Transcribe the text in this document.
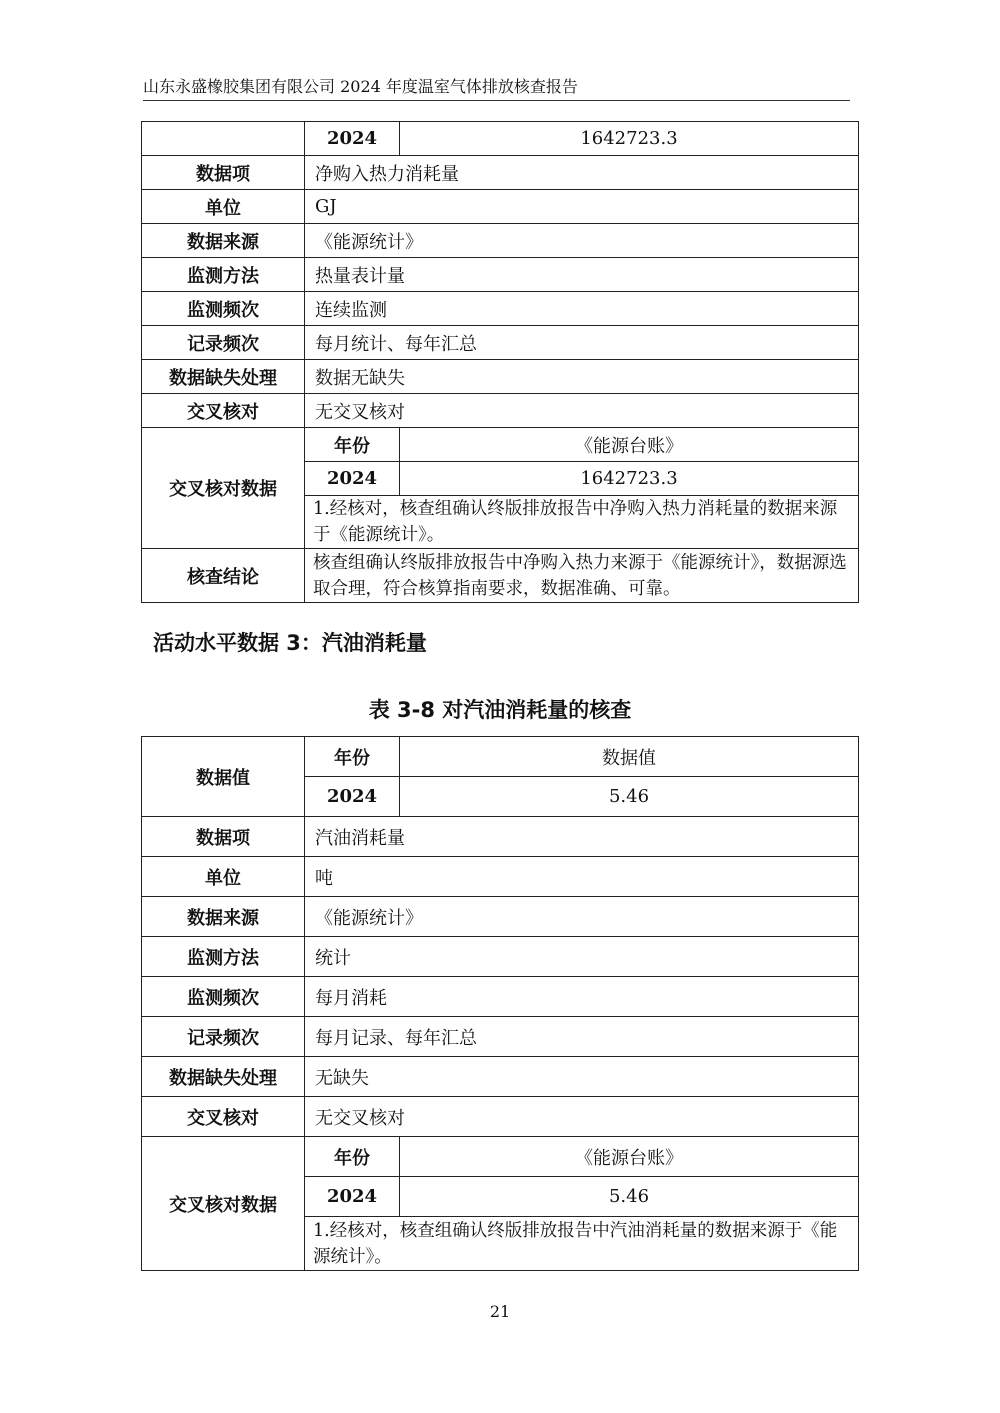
山东永盛橡胶集团有限公司 2024 年度温室气体排放核查报告
	2024	1642723.3
数据项	净购入热力消耗量	
单位	GJ	
数据来源	《能源统计》	
监测方法	热量表计量	
监测频次	连续监测	
记录频次	每月统计、每年汇总	
数据缺失处理	数据无缺失	
交叉核对	无交叉核对	
交叉核对数据	年份	《能源台账》
	2024	1642723.3
	1.经核对，核查组确认终版排放报告中净购入热力消耗量的数据来源于《能源统计》。	
核查结论	核查组确认终版排放报告中净购入热力来源于《能源统计》，数据源选取合理，符合核算指南要求，数据准确、可靠。	
活动水平数据 3：汽油消耗量
表 3-8 对汽油消耗量的核查
数据值	年份	数据值
	2024	5.46
数据项	汽油消耗量	
单位	吨	
数据来源	《能源统计》	
监测方法	统计	
监测频次	每月消耗	
记录频次	每月记录、每年汇总	
数据缺失处理	无缺失	
交叉核对	无交叉核对	
交叉核对数据	年份	《能源台账》
	2024	5.46
	1.经核对，核查组确认终版排放报告中汽油消耗量的数据来源于《能源统计》。	
21
